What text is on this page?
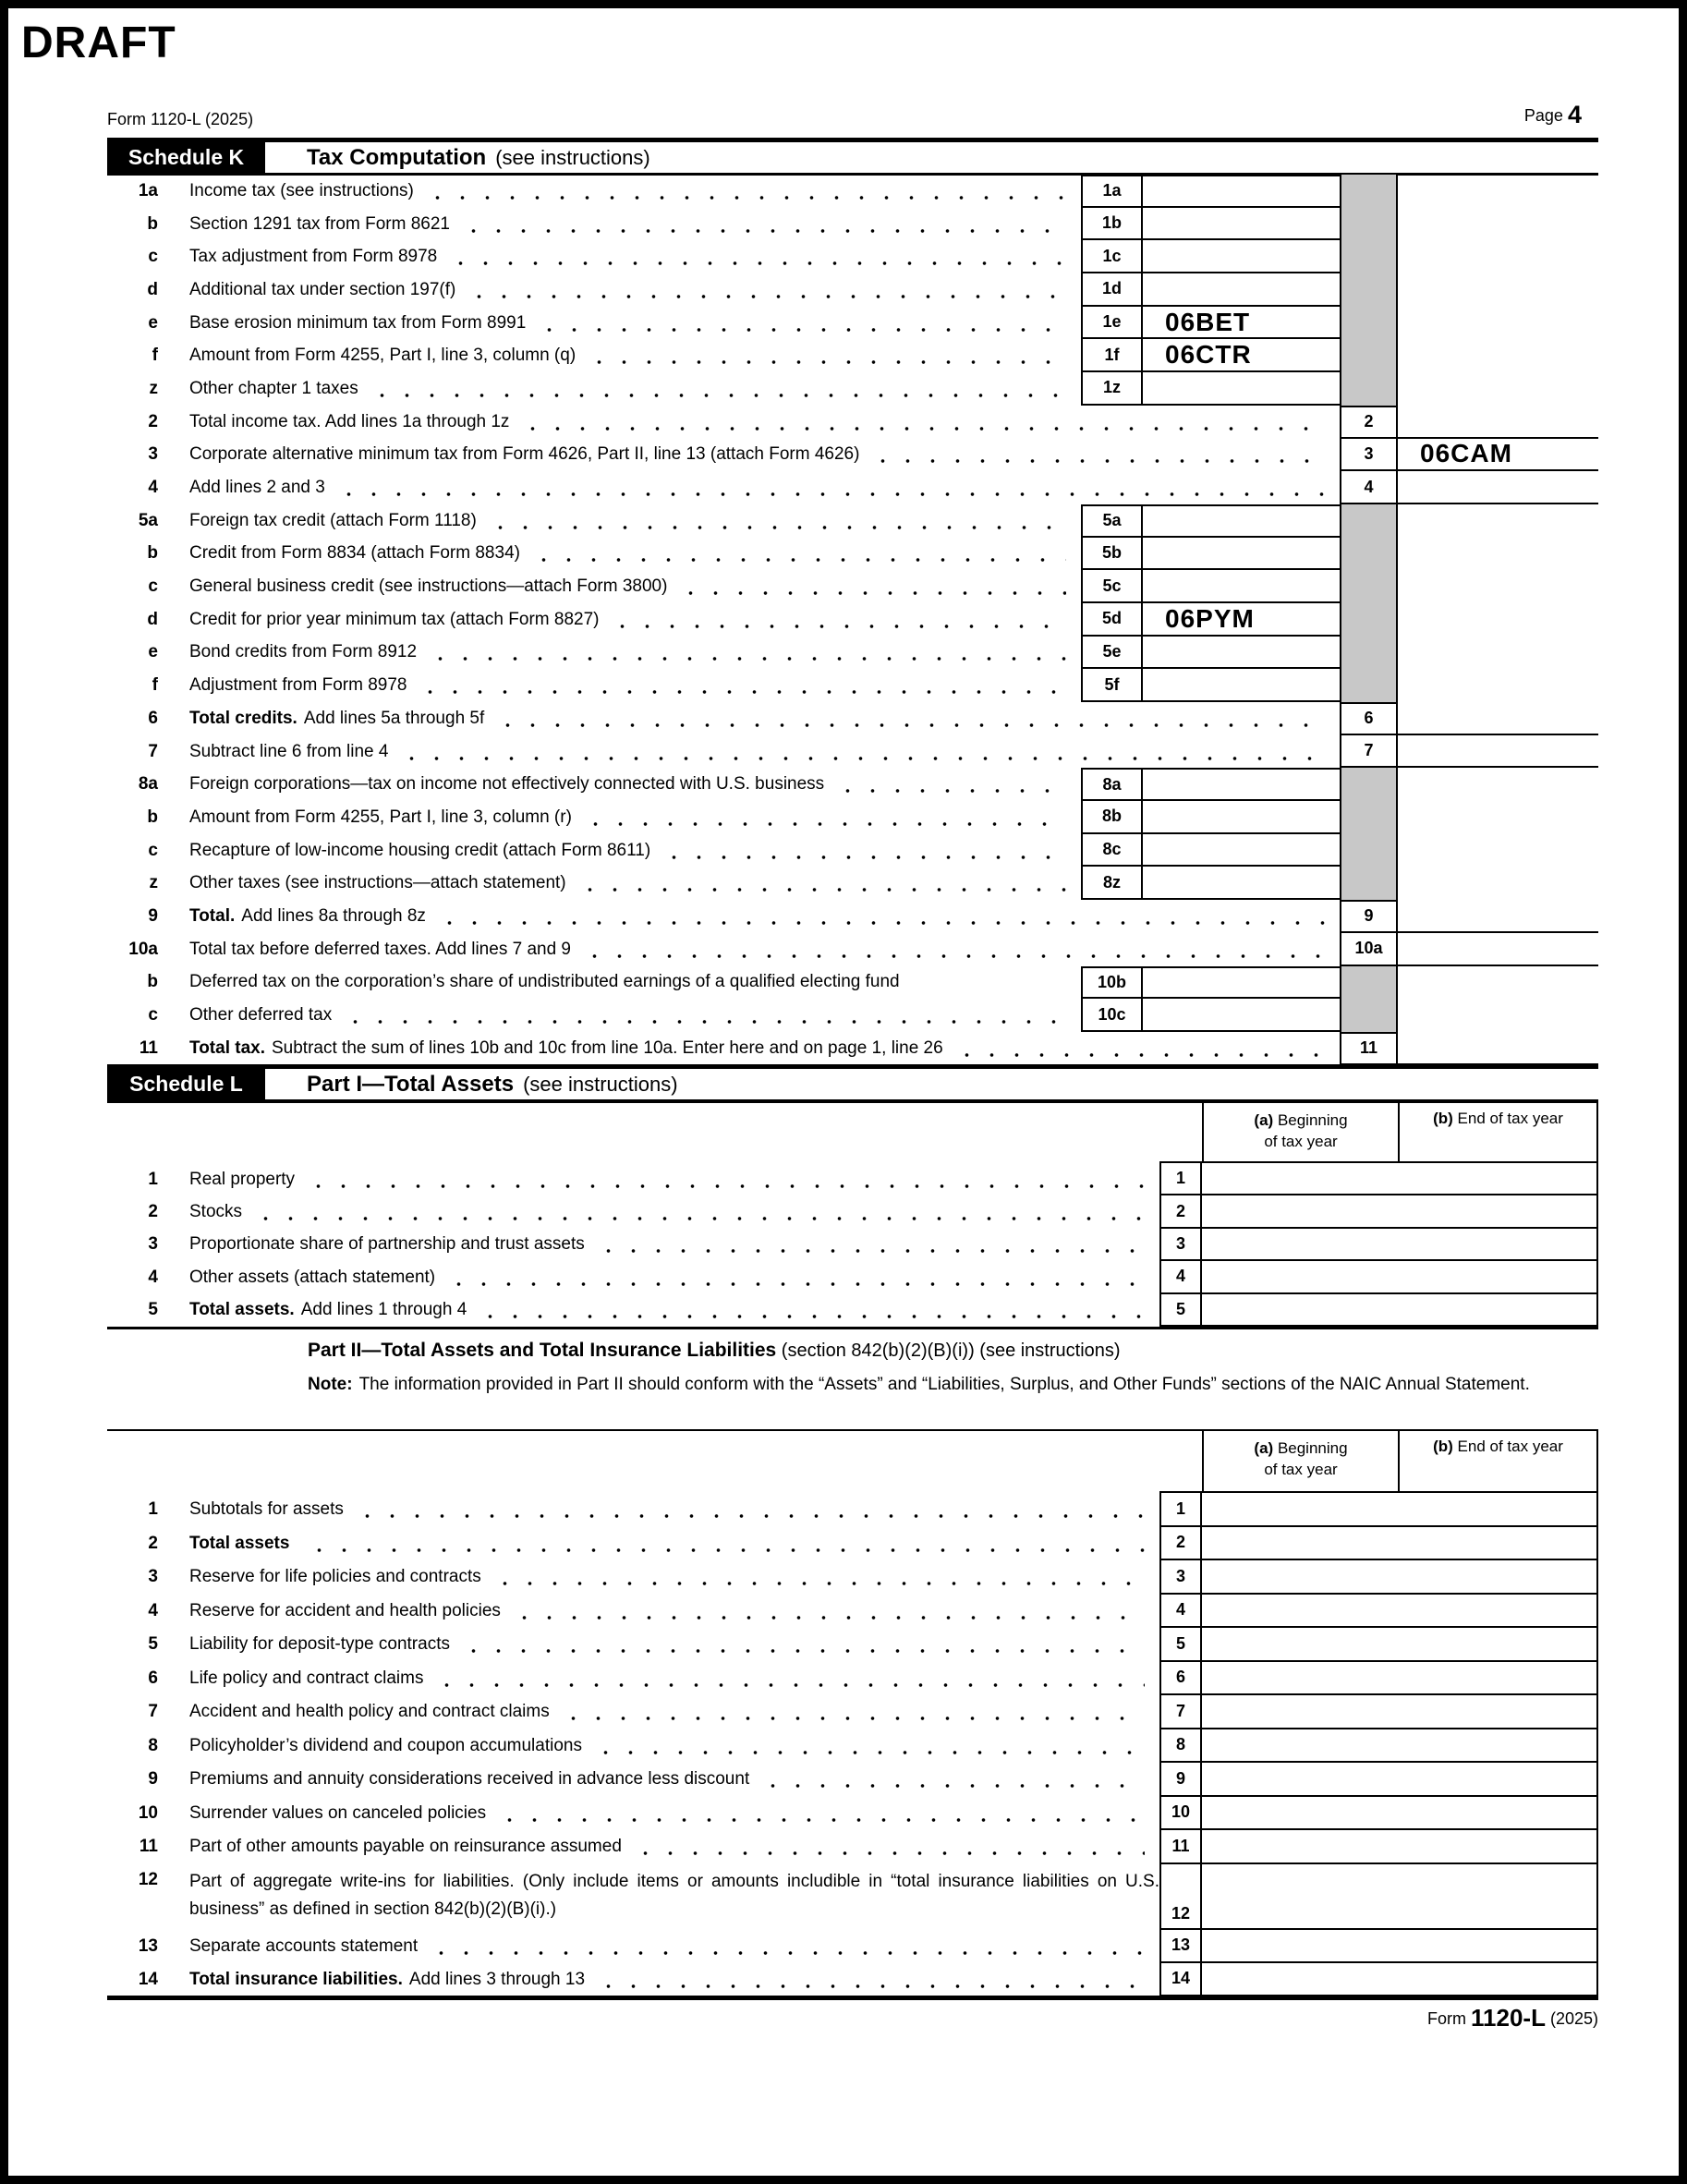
DRAFT
Form 1120-L (2025)	Page 4
Schedule K	Tax Computation (see instructions)
1a Income tax (see instructions)	1a
b Section 1291 tax from Form 8621	1b
c Tax adjustment from Form 8978	1c
d Additional tax under section 197(f)	1d
e Base erosion minimum tax from Form 8991	1e	06BET
f Amount from Form 4255, Part I, line 3, column (q)	1f	06CTR
z Other chapter 1 taxes	1z
2 Total income tax. Add lines 1a through 1z	2
3 Corporate alternative minimum tax from Form 4626, Part II, line 13 (attach Form 4626)	3	06CAM
4 Add lines 2 and 3	4
5a Foreign tax credit (attach Form 1118)	5a
b Credit from Form 8834 (attach Form 8834)	5b
c General business credit (see instructions—attach Form 3800)	5c
d Credit for prior year minimum tax (attach Form 8827)	5d	06PYM
e Bond credits from Form 8912	5e
f Adjustment from Form 8978	5f
6 Total credits. Add lines 5a through 5f	6
7 Subtract line 6 from line 4	7
8a Foreign corporations—tax on income not effectively connected with U.S. business	8a
b Amount from Form 4255, Part I, line 3, column (r)	8b
c Recapture of low-income housing credit (attach Form 8611)	8c
z Other taxes (see instructions—attach statement)	8z
9 Total. Add lines 8a through 8z	9
10a Total tax before deferred taxes. Add lines 7 and 9	10a
b Deferred tax on the corporation’s share of undistributed earnings of a qualified electing fund	10b
c Other deferred tax	10c
11 Total tax. Subtract the sum of lines 10b and 10c from line 10a. Enter here and on page 1, line 26	11
Schedule L	Part I—Total Assets (see instructions)
(a) Beginning
of tax year
(b) End of tax year
1 Real property	1
2 Stocks	2
3 Proportionate share of partnership and trust assets	3
4 Other assets (attach statement)	4
5 Total assets. Add lines 1 through 4	5
Part II—Total Assets and Total Insurance Liabilities (section 842(b)(2)(B)(i)) (see instructions)
Note: The information provided in Part II should conform with the “Assets” and “Liabilities, Surplus, and Other Funds” sections of the NAIC Annual Statement.
(a) Beginning
of tax year
(b) End of tax year
1 Subtotals for assets	1
2 Total assets	2
3 Reserve for life policies and contracts	3
4 Reserve for accident and health policies	4
5 Liability for deposit-type contracts	5
6 Life policy and contract claims	6
7 Accident and health policy and contract claims	7
8 Policyholder’s dividend and coupon accumulations	8
9 Premiums and annuity considerations received in advance less discount	9
10 Surrender values on canceled policies	10
11 Part of other amounts payable on reinsurance assumed	11
12 Part of aggregate write-ins for liabilities. (Only include items or amounts includible in “total insurance liabilities on U.S. business” as defined in section 842(b)(2)(B)(i).)	12
13 Separate accounts statement	13
14 Total insurance liabilities. Add lines 3 through 13	14
Form 1120-L (2025)
